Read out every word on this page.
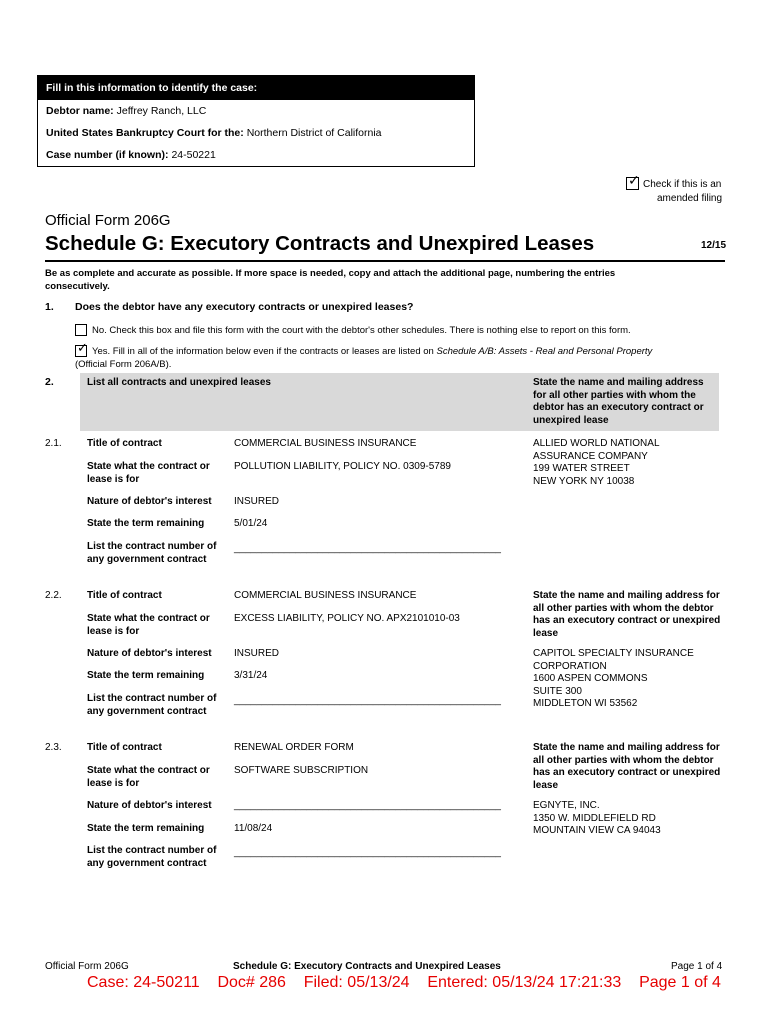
Fill in this information to identify the case:
Debtor name: Jeffrey Ranch, LLC
United States Bankruptcy Court for the: Northern District of California
Case number (if known): 24-50221
✓ Check if this is an
amended filing
Official Form 206G
Schedule G: Executory Contracts and Unexpired Leases	12/15
Be as complete and accurate as possible. If more space is needed, copy and attach the additional page, numbering the entries
consecutively.
1. Does the debtor have any executory contracts or unexpired leases?
No. Check this box and file this form with the court with the debtor's other schedules. There is nothing else to report on this form.
✓ Yes. Fill in all of the information below even if the contracts or leases are listed on Schedule A/B: Assets - Real and Personal Property
(Official Form 206A/B).
2.	List all contracts and unexpired leases	State the name and mailing address for all other parties with whom the debtor has an executory contract or unexpired lease
2.1.	Title of contract	COMMERCIAL BUSINESS INSURANCE
State what the contract or lease is for
POLLUTION LIABILITY, POLICY NO. 0309-5789
Nature of debtor's interest	INSURED
State the term remaining	5/01/24
List the contract number of any government contract
________________________________________________
ALLIED WORLD NATIONAL
ASSURANCE COMPANY
199 WATER STREET
NEW YORK NY 10038
2.2.	Title of contract	COMMERCIAL BUSINESS INSURANCE
State what the contract or lease is for
EXCESS LIABILITY, POLICY NO. APX2101010-03
Nature of debtor's interest	INSURED
State the term remaining	3/31/24
List the contract number of any government contract
________________________________________________
State the name and mailing address for all other parties with whom the debtor has an executory contract or unexpired lease
CAPITOL SPECIALTY INSURANCE
CORPORATION
1600 ASPEN COMMONS
SUITE 300
MIDDLETON WI 53562
2.3.	Title of contract	RENEWAL ORDER FORM
State what the contract or lease is for
SOFTWARE SUBSCRIPTION
Nature of debtor's interest	________________________________________________
State the term remaining	11/08/24
List the contract number of any government contract
________________________________________________
State the name and mailing address for all other parties with whom the debtor has an executory contract or unexpired lease
EGNYTE, INC.
1350 W. MIDDLEFIELD RD
MOUNTAIN VIEW CA 94043
Official Form 206G	Schedule G: Executory Contracts and Unexpired Leases	Page 1 of 4
Case: 24-50211    Doc# 286    Filed: 05/13/24    Entered: 05/13/24 17:21:33    Page 1 of 4
